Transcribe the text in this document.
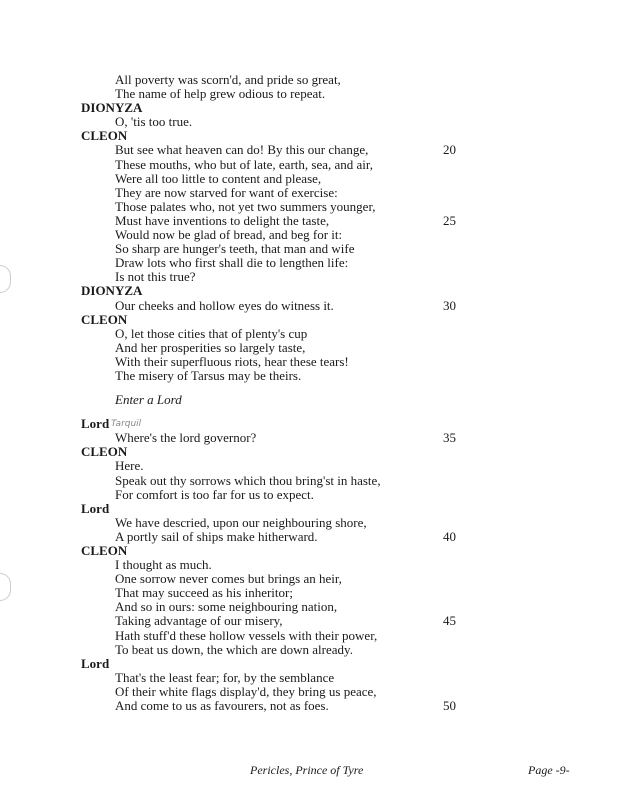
All poverty was scorn'd, and pride so great,
The name of help grew odious to repeat.
DIONYZA
O, 'tis too true.
CLEON
But see what heaven can do! By this our change,	20
These mouths, who but of late, earth, sea, and air,
Were all too little to content and please,
They are now starved for want of exercise:
Those palates who, not yet two summers younger,
Must have inventions to delight the taste,	25
Would now be glad of bread, and beg for it:
So sharp are hunger's teeth, that man and wife
Draw lots who first shall die to lengthen life:
Is not this true?
DIONYZA
Our cheeks and hollow eyes do witness it.	30
CLEON
O, let those cities that of plenty's cup
And her prosperities so largely taste,
With their superfluous riots, hear these tears!
The misery of Tarsus may be theirs.
Enter a Lord
Lord Tarquil
Where's the lord governor?	35
CLEON
Here.
Speak out thy sorrows which thou bring'st in haste,
For comfort is too far for us to expect.
Lord
We have descried, upon our neighbouring shore,
A portly sail of ships make hitherward.	40
CLEON
I thought as much.
One sorrow never comes but brings an heir,
That may succeed as his inheritor;
And so in ours: some neighbouring nation,
Taking advantage of our misery,	45
Hath stuff'd these hollow vessels with their power,
To beat us down, the which are down already.
Lord
That's the least fear; for, by the semblance
Of their white flags display'd, they bring us peace,
And come to us as favourers, not as foes.	50
Pericles, Prince of Tyre	Page -9-
